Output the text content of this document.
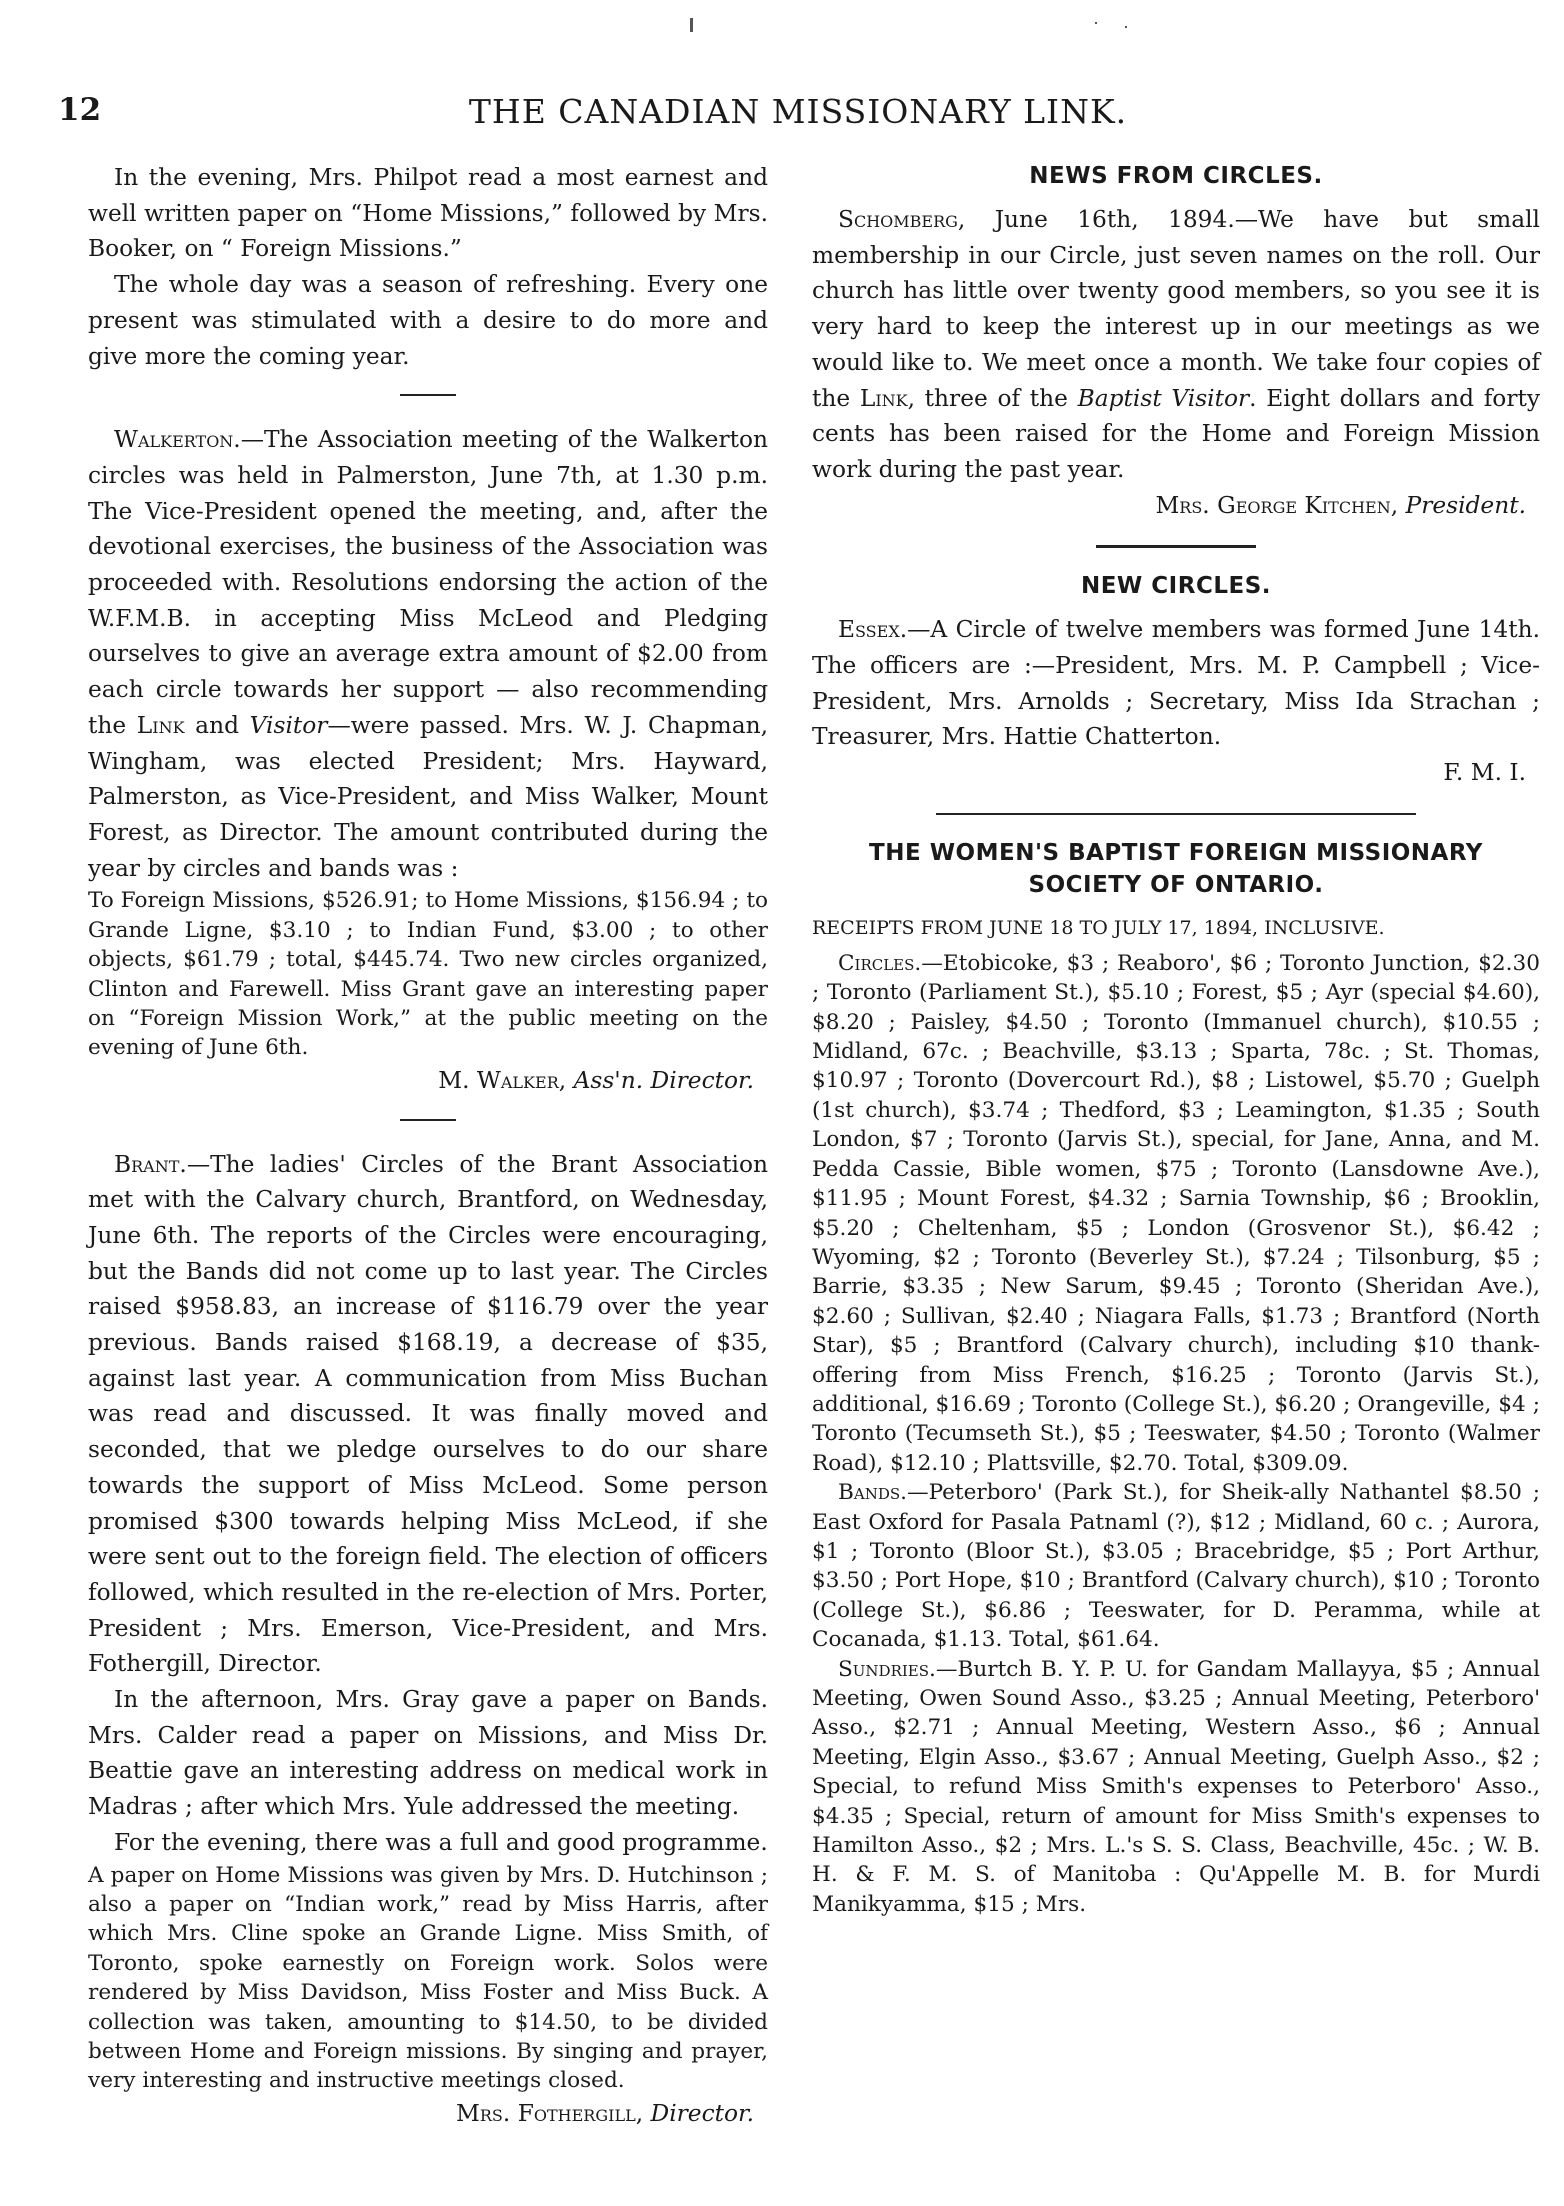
12	THE CANADIAN MISSIONARY LINK.

In the evening, Mrs. Philpot read a most earnest and well written paper on “Home Missions,” followed by Mrs. Booker, on “ Foreign Missions.”

The whole day was a season of refreshing. Every one present was stimulated with a desire to do more and give more the coming year.

Walkerton.—The Association meeting of the Walkerton circles was held in Palmerston, June 7th, at 1.30 p.m. The Vice-President opened the meeting, and, after the devotional exercises, the business of the Association was proceeded with. Resolutions endorsing the action of the W.F.M.B. in accepting Miss McLeod and Pledging ourselves to give an average extra amount of $2.00 from each circle towards her support — also recommending the Link and Visitor—were passed. Mrs. W. J. Chapman, Wingham, was elected President; Mrs. Hayward, Palmerston, as Vice-President, and Miss Walker, Mount Forest, as Director. The amount contributed during the year by circles and bands was :

To Foreign Missions, $526.91; to Home Missions, $156.94 ; to Grande Ligne, $3.10 ; to Indian Fund, $3.00 ; to other objects, $61.79 ; total, $445.74. Two new circles organized, Clinton and Farewell. Miss Grant gave an interesting paper on “Foreign Mission Work,” at the public meeting on the evening of June 6th.

M. Walker, Ass'n. Director.

Brant.—The ladies' Circles of the Brant Association met with the Calvary church, Brantford, on Wednesday, June 6th. The reports of the Circles were encouraging, but the Bands did not come up to last year. The Circles raised $958.83, an increase of $116.79 over the year previous. Bands raised $168.19, a decrease of $35, against last year. A communication from Miss Buchan was read and discussed. It was finally moved and seconded, that we pledge ourselves to do our share towards the support of Miss McLeod. Some person promised $300 towards helping Miss McLeod, if she were sent out to the foreign field. The election of officers followed, which resulted in the re-election of Mrs. Porter, President ; Mrs. Emerson, Vice-President, and Mrs. Fothergill, Director.

In the afternoon, Mrs. Gray gave a paper on Bands. Mrs. Calder read a paper on Missions, and Miss Dr. Beattie gave an interesting address on medical work in Madras ; after which Mrs. Yule addressed the meeting.

For the evening, there was a full and good programme.

A paper on Home Missions was given by Mrs. D. Hutchinson ; also a paper on “Indian work,” read by Miss Harris, after which Mrs. Cline spoke an Grande Ligne. Miss Smith, of Toronto, spoke earnestly on Foreign work. Solos were rendered by Miss Davidson, Miss Foster and Miss Buck. A collection was taken, amounting to $14.50, to be divided between Home and Foreign missions. By singing and prayer, very interesting and instructive meetings closed.

Mrs. Fothergill, Director.
NEWS FROM CIRCLES.

Schomberg, June 16th, 1894.—We have but small membership in our Circle, just seven names on the roll. Our church has little over twenty good members, so you see it is very hard to keep the interest up in our meetings as we would like to. We meet once a month. We take four copies of the Link, three of the Baptist Visitor. Eight dollars and forty cents has been raised for the Home and Foreign Mission work during the past year.

Mrs. George Kitchen, President.
NEW CIRCLES.

Essex.—A Circle of twelve members was formed June 14th. The officers are :—President, Mrs. M. P. Campbell ; Vice-President, Mrs. Arnolds ; Secretary, Miss Ida Strachan ; Treasurer, Mrs. Hattie Chatterton.

F. M. I.
THE WOMEN'S BAPTIST FOREIGN MISSIONARY SOCIETY OF ONTARIO.

RECEIPTS FROM JUNE 18 TO JULY 17, 1894, INCLUSIVE.

Circles.—Etobicoke, $3 ; Reaboro', $6 ; Toronto Junction, $2.30 ; Toronto (Parliament St.), $5.10 ; Forest, $5 ; Ayr (special $4.60), $8.20 ; Paisley, $4.50 ; Toronto (Immanuel church), $10.55 ; Midland, 67c. ; Beachville, $3.13 ; Sparta, 78c. ; St. Thomas, $10.97 ; Toronto (Dovercourt Rd.), $8 ; Listowel, $5.70 ; Guelph (1st church), $3.74 ; Thedford, $3 ; Leamington, $1.35 ; South London, $7 ; Toronto (Jarvis St.), special, for Jane, Anna, and M. Pedda Cassie, Bible women, $75 ; Toronto (Lansdowne Ave.), $11.95 ; Mount Forest, $4.32 ; Sarnia Township, $6 ; Brooklin, $5.20 ; Cheltenham, $5 ; London (Grosvenor St.), $6.42 ; Wyoming, $2 ; Toronto (Beverley St.), $7.24 ; Tilsonburg, $5 ; Barrie, $3.35 ; New Sarum, $9.45 ; Toronto (Sheridan Ave.), $2.60 ; Sullivan, $2.40 ; Niagara Falls, $1.73 ; Brantford (North Star), $5 ; Brantford (Calvary church), including $10 thank-offering from Miss French, $16.25 ; Toronto (Jarvis St.), additional, $16.69 ; Toronto (College St.), $6.20 ; Orangeville, $4 ; Toronto (Tecumseth St.), $5 ; Teeswater, $4.50 ; Toronto (Walmer Road), $12.10 ; Plattsville, $2.70. Total, $309.09.

Bands.—Peterboro' (Park St.), for Sheik-ally Nathantel $8.50 ; East Oxford for Pasala Patnaml (?), $12 ; Midland, 60 c. ; Aurora, $1 ; Toronto (Bloor St.), $3.05 ; Bracebridge, $5 ; Port Arthur, $3.50 ; Port Hope, $10 ; Brantford (Calvary church), $10 ; Toronto (College St.), $6.86 ; Teeswater, for D. Peramma, while at Cocanada, $1.13. Total, $61.64.

Sundries.—Burtch B. Y. P. U. for Gandam Mallayya, $5 ; Annual Meeting, Owen Sound Asso., $3.25 ; Annual Meeting, Peterboro' Asso., $2.71 ; Annual Meeting, Western Asso., $6 ; Annual Meeting, Elgin Asso., $3.67 ; Annual Meeting, Guelph Asso., $2 ; Special, to refund Miss Smith's expenses to Peterboro' Asso., $4.35 ; Special, return of amount for Miss Smith's expenses to Hamilton Asso., $2 ; Mrs. L.'s S. S. Class, Beachville, 45c. ; W. B. H. & F. M. S. of Manitoba : Qu'Appelle M. B. for Murdi Manikyamma, $15 ; Mrs.
